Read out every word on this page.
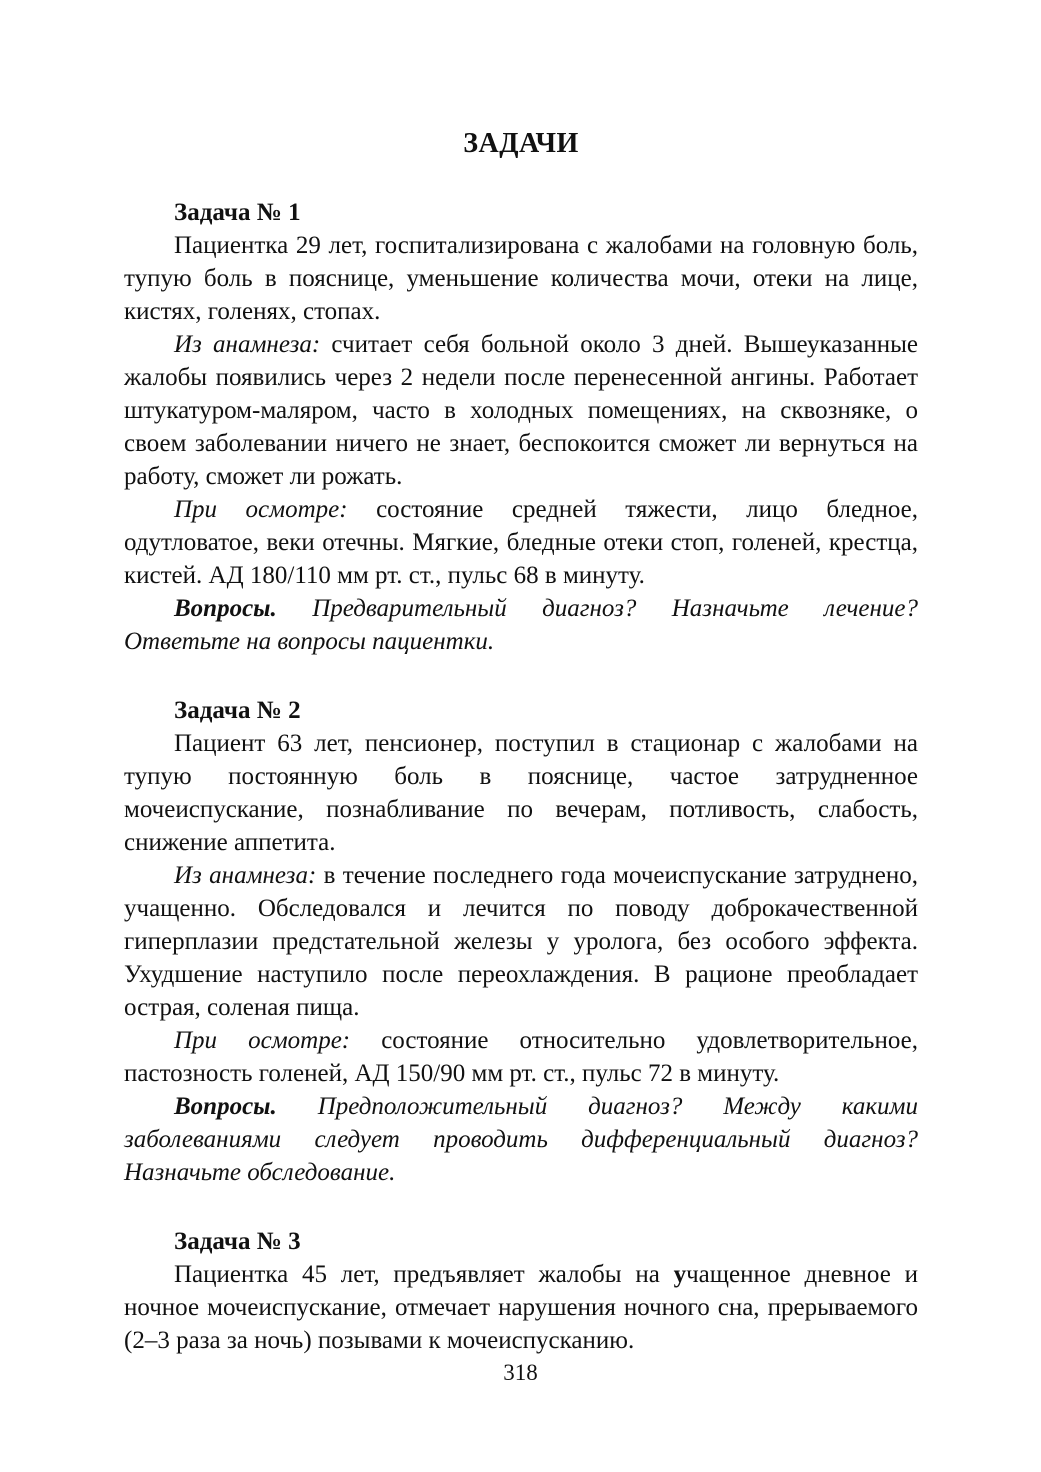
ЗАДАЧИ

Задача № 1

Пациентка 29 лет, госпитализирована с жалобами на головную боль, тупую боль в пояснице, уменьшение количества мочи, отеки на лице, кистях, голенях, стопах.

Из анамнеза: считает себя больной около 3 дней. Вышеуказанные жалобы появились через 2 недели после перенесенной ангины. Работает штукатуром-маляром, часто в холодных помещениях, на сквозняке, о своем заболевании ничего не знает, беспокоится сможет ли вернуться на работу, сможет ли рожать.

При осмотре: состояние средней тяжести, лицо бледное, одутловатое, веки отечны. Мягкие, бледные отеки стоп, голеней, крестца, кистей. АД 180/110 мм рт. ст., пульс 68 в минуту.

Вопросы. Предварительный диагноз? Назначьте лечение? Ответьте на вопросы пациентки.

Задача № 2

Пациент 63 лет, пенсионер, поступил в стационар с жалобами на тупую постоянную боль в пояснице, частое затрудненное мочеиспускание, познабливание по вечерам, потливость, слабость, снижение аппетита.

Из анамнеза: в течение последнего года мочеиспускание затруднено, учащенно. Обследовался и лечится по поводу доброкачественной гиперплазии предстательной железы у уролога, без особого эффекта. Ухудшение наступило после переохлаждения. В рационе преобладает острая, соленая пища.

При осмотре: состояние относительно удовлетворительное, пастозность голеней, АД 150/90 мм рт. ст., пульс 72 в минуту.

Вопросы. Предположительный диагноз? Между какими заболеваниями следует проводить дифференциальный диагноз? Назначьте обследование.

Задача № 3

Пациентка 45 лет, предъявляет жалобы на учащенное дневное и ночное мочеиспускание, отмечает нарушения ночного сна, прерываемого (2–3 раза за ночь) позывами к мочеиспусканию.

318
